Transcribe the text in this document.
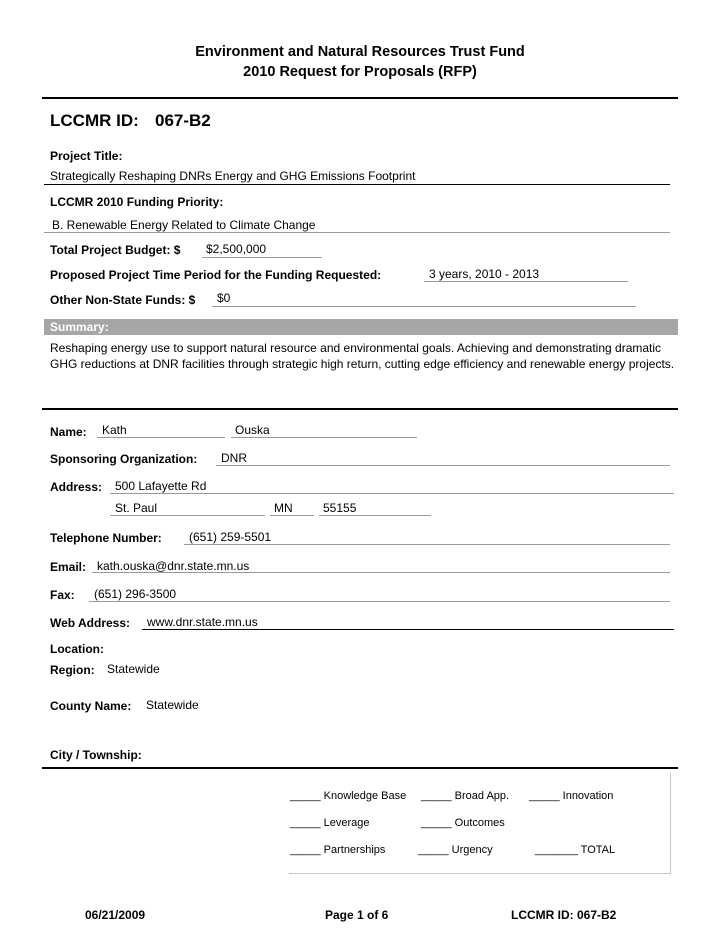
Environment and Natural Resources Trust Fund
2010 Request for Proposals (RFP)
LCCMR ID: 067-B2
Project Title:
Strategically Reshaping DNRs Energy and GHG Emissions Footprint
LCCMR 2010 Funding Priority:
B. Renewable Energy Related to Climate Change
Total Project Budget: $ $2,500,000
Proposed Project Time Period for the Funding Requested:	3 years, 2010 - 2013
Other Non-State Funds: $ $0
Summary:
Reshaping energy use to support natural resource and environmental goals. Achieving and demonstrating dramatic GHG reductions at DNR facilities through strategic high return, cutting edge efficiency and renewable energy projects.
Name: Kath	Ouska
Sponsoring Organization: DNR
Address: 500 Lafayette Rd
St. Paul	MN	55155
Telephone Number: (651) 259-5501
Email: kath.ouska@dnr.state.mn.us
Fax: (651) 296-3500
Web Address: www.dnr.state.mn.us
Location:
Region: Statewide
County Name: Statewide
City / Township:
_____ Knowledge Base _____ Broad App. _____ Innovation
_____ Leverage	_____ Outcomes
_____ Partnerships	_____ Urgency	_______ TOTAL
06/21/2009	Page 1 of 6	LCCMR ID: 067-B2
